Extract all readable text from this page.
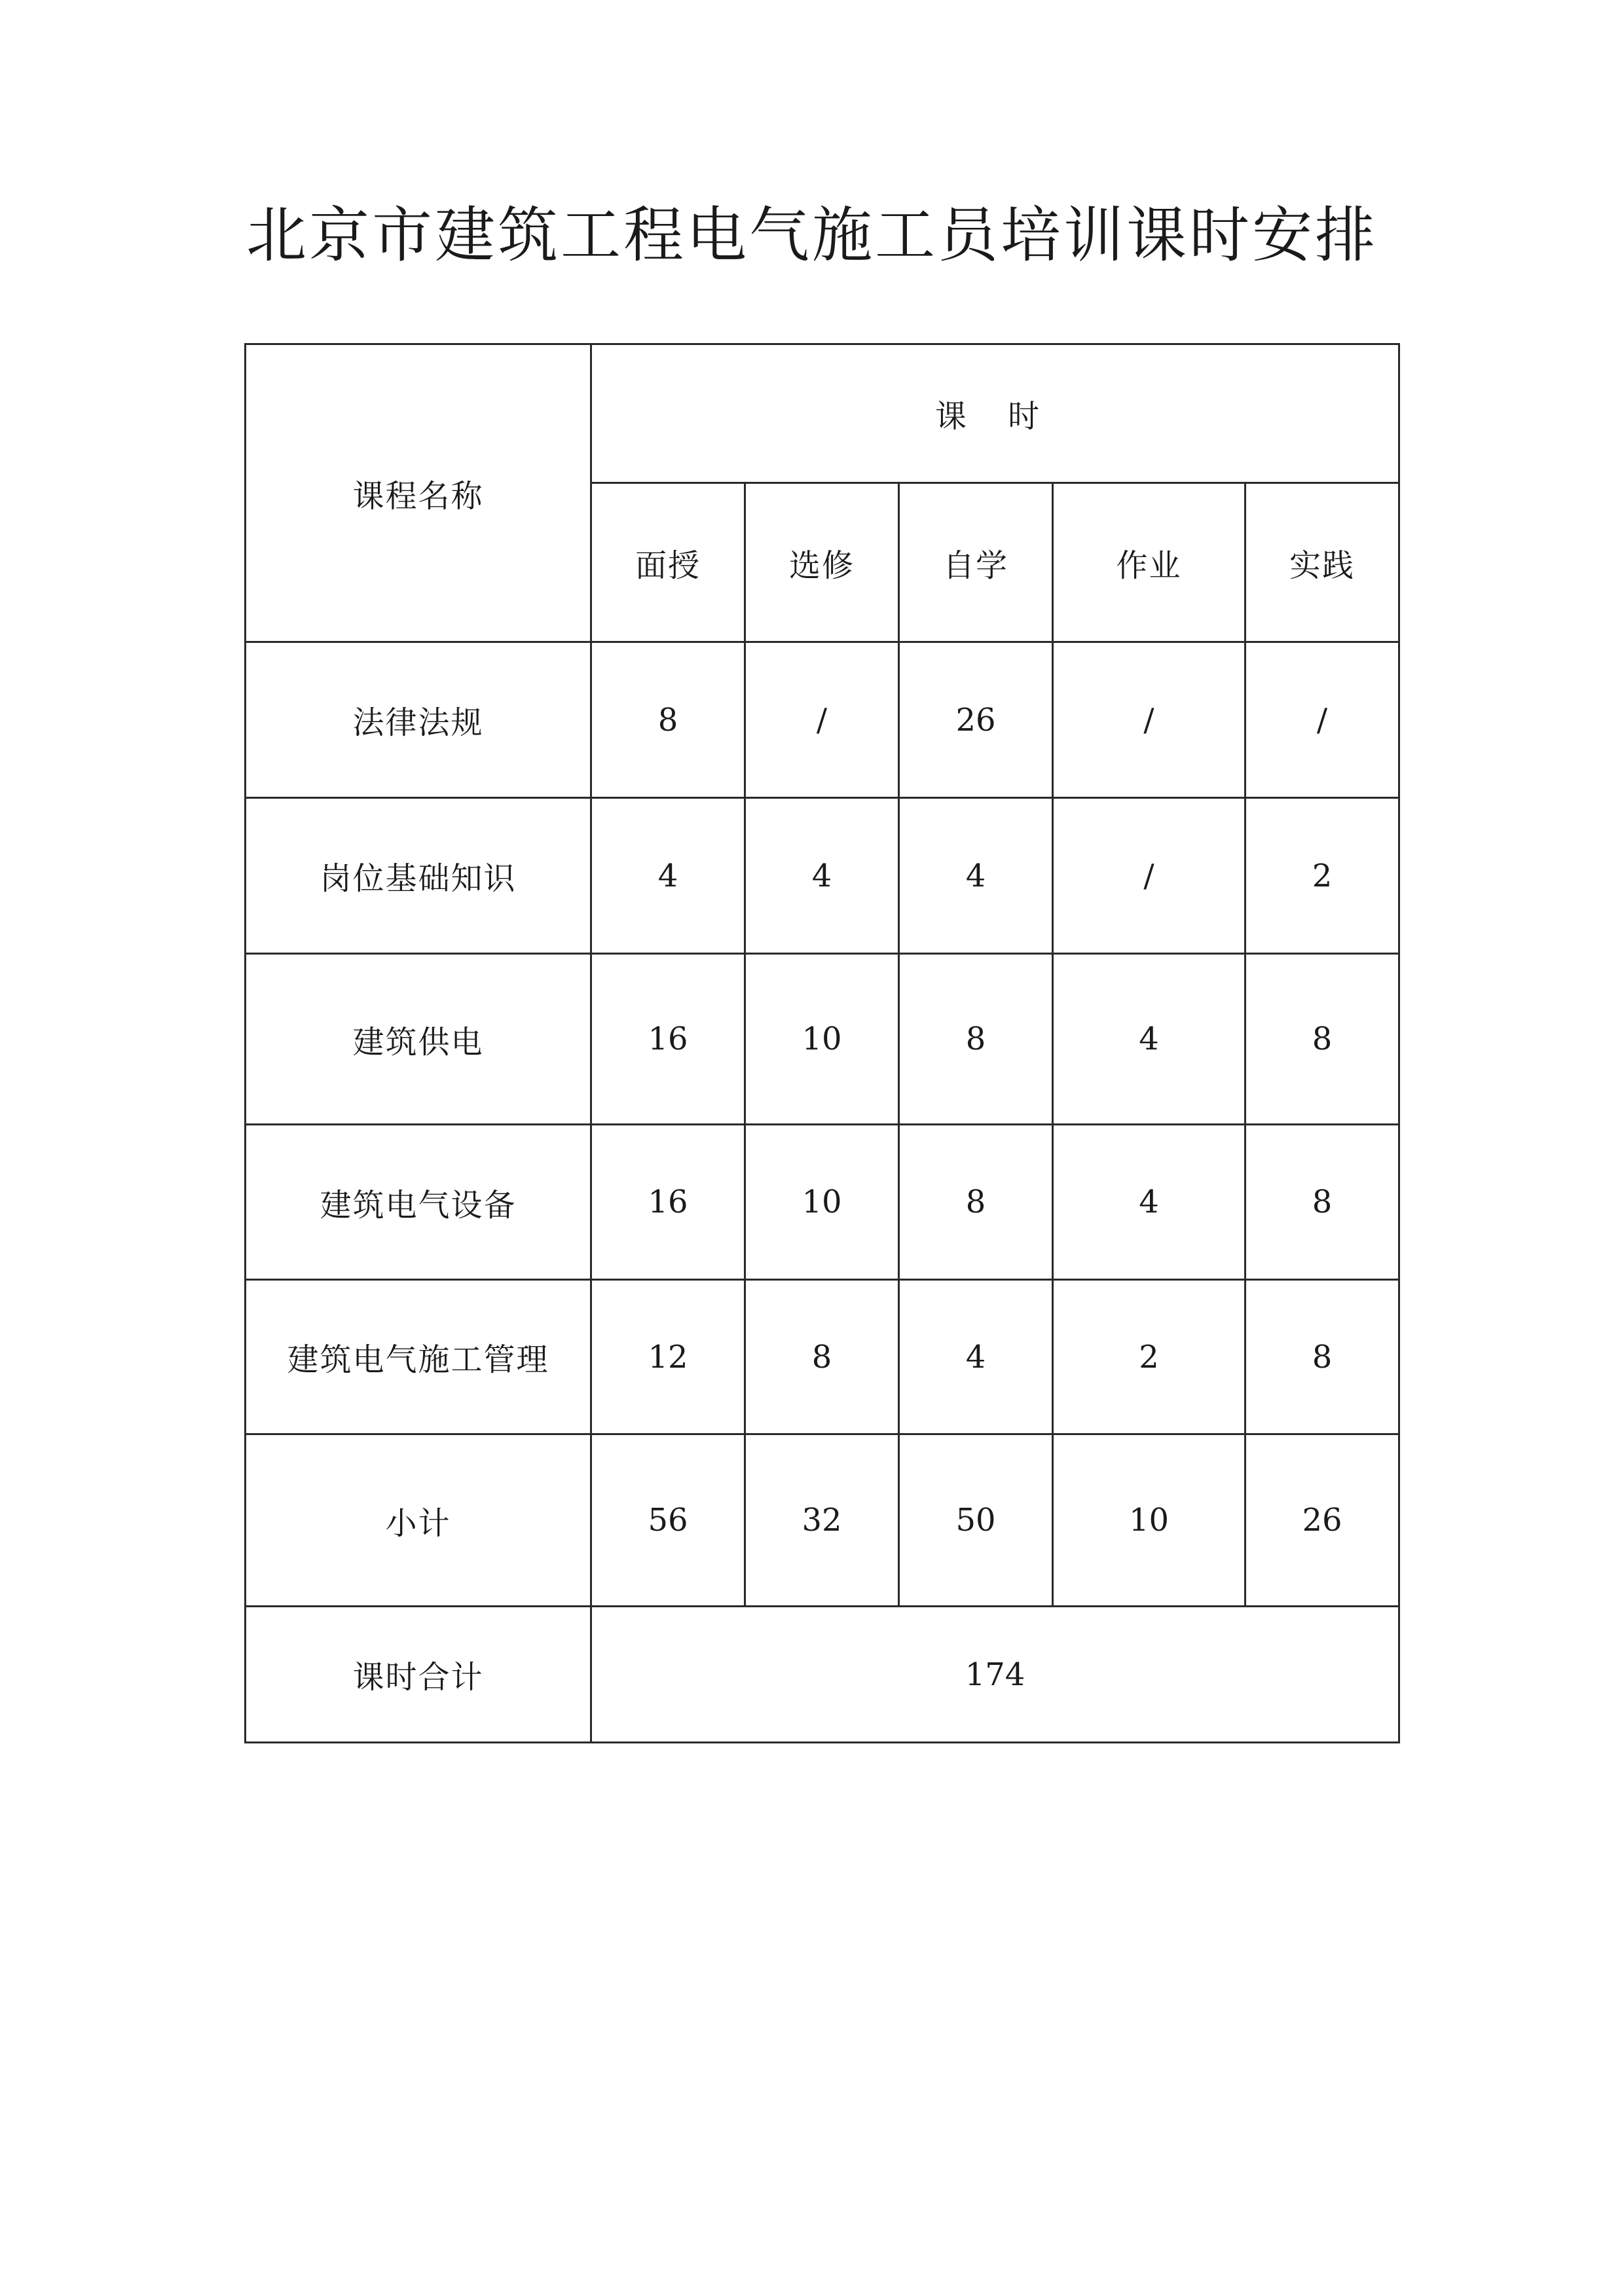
北京市建筑工程电气施工员培训课时安排
课程名称	课 时				
	面授	选修	自学	作业	实践
法律法规	8	/	26	/	/
岗位基础知识	4	4	4	/	2
建筑供电	16	10	8	4	8
建筑电气设备	16	10	8	4	8
建筑电气施工管理	12	8	4	2	8
小计	56	32	50	10	26
课时合计	174				
